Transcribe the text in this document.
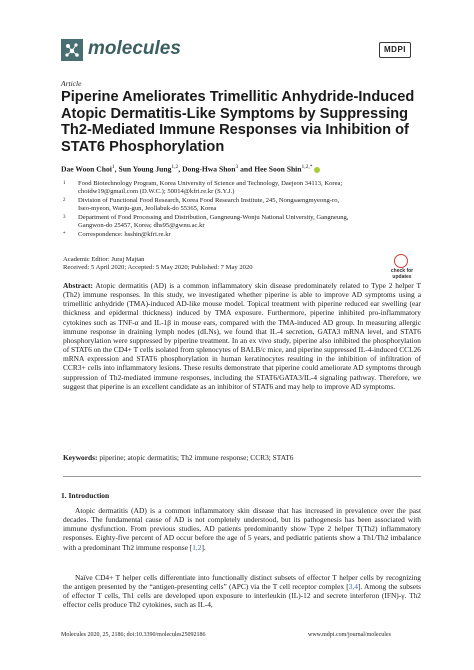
molecules	MDPI
Article
Piperine Ameliorates Trimellitic Anhydride-Induced Atopic Dermatitis-Like Symptoms by Suppressing Th2-Mediated Immune Responses via Inhibition of STAT6 Phosphorylation
Dae Woon Choi$^1$, Sun Young Jung$^{1,2}$, Dong-Hwa Shon$^3$ and Hee Soon Shin$^{1,2,*}$
1 Food Biotechnology Program, Korea University of Science and Technology, Daejeon 34113, Korea;
choidw19@gmail.com (D.W.C.); 50014@kfri.re.kr (S.Y.J.)
2 Division of Functional Food Research, Korea Food Research Institute, 245, Nongsaengmyeong-ro,
Iseo-myeon, Wanju-gun, Jeollabuk-do 55365, Korea
3 Department of Food Processing and Distribution, Gangneung-Wonju National University, Gangneung,
Gangwon-do 25457, Korea; dhs95@gwnu.ac.kr
* Correspondence: hsshin@kfri.re.kr
Academic Editor: Juraj Majtan
Received: 5 April 2020; Accepted: 5 May 2020; Published: 7 May 2020	check for
updates
Abstract: Atopic dermatitis (AD) is a common inflammatory skin disease predominately related to Type 2 helper T (Th2) immune responses. In this study, we investigated whether piperine is able to improve AD symptoms using a trimellitic anhydride (TMA)-induced AD-like mouse model. Topical treatment with piperine reduced ear swelling (ear thickness and epidermal thickness) induced by TMA exposure. Furthermore, piperine inhibited pro-inflammatory cytokines such as TNF-α and IL-1β in mouse ears, compared with the TMA-induced AD group. In measuring allergic immune response in draining lymph nodes (dLNs), we found that IL-4 secretion, GATA3 mRNA level, and STAT6 phosphorylation were suppressed by piperine treatment. In an ex vivo study, piperine also inhibited the phosphorylation of STAT6 on the CD4+ T cells isolated from splenocytes of BALB/c mice, and piperine suppressed IL-4-induced CCL26 mRNA expression and STAT6 phosphorylation in human keratinocytes resulting in the inhibition of infiltration of CCR3+ cells into inflammatory lesions. These results demonstrate that piperine could ameliorate AD symptoms through suppression of Th2-mediated immune responses, including the STAT6/GATA3/IL-4 signaling pathway. Therefore, we suggest that piperine is an excellent candidate as an inhibitor of STAT6 and may help to improve AD symptoms.
Keywords: piperine; atopic dermatitis; Th2 immune response; CCR3; STAT6
1. Introduction
Atopic dermatitis (AD) is a common inflammatory skin disease that has increased in prevalence over the past decades. The fundamental cause of AD is not completely understood, but its pathogenesis has been associated with immune dysfunction. From previous studies, AD patients predominantly show Type 2 helper T(Th2) inflammatory responses. Eighty-five percent of AD occur before the age of 5 years, and pediatric patients show a Th1/Th2 imbalance with a predominant Th2 immune response [1,2].
Naïve CD4+ T helper cells differentiate into functionally distinct subsets of effector T helper cells by recognizing the antigen presented by the “antigen-presenting cells” (APC) via the T cell receptor complex [3,4]. Among the subsets of effector T cells, Th1 cells are developed upon exposure to interleukin (IL)-12 and secrete interferon (IFN)-γ. Th2 effector cells produce Th2 cytokines, such as IL-4,
Molecules 2020, 25, 2186; doi:10.3390/molecules25092186	www.mdpi.com/journal/molecules
